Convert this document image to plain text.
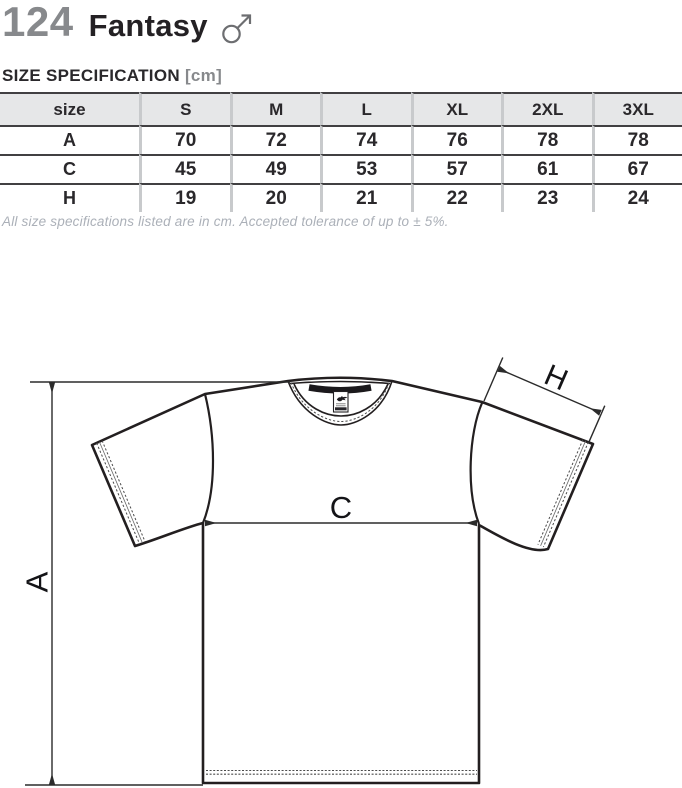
124 Fantasy
SIZE SPECIFICATION [cm]
size	S	M	L	XL	2XL	3XL
A	70	72	74	76	78	78
C	45	49	53	57	61	67
H	19	20	21	22	23	24
All size specifications listed are in cm. Accepted tolerance of up to ± 5%.
A
C
H
